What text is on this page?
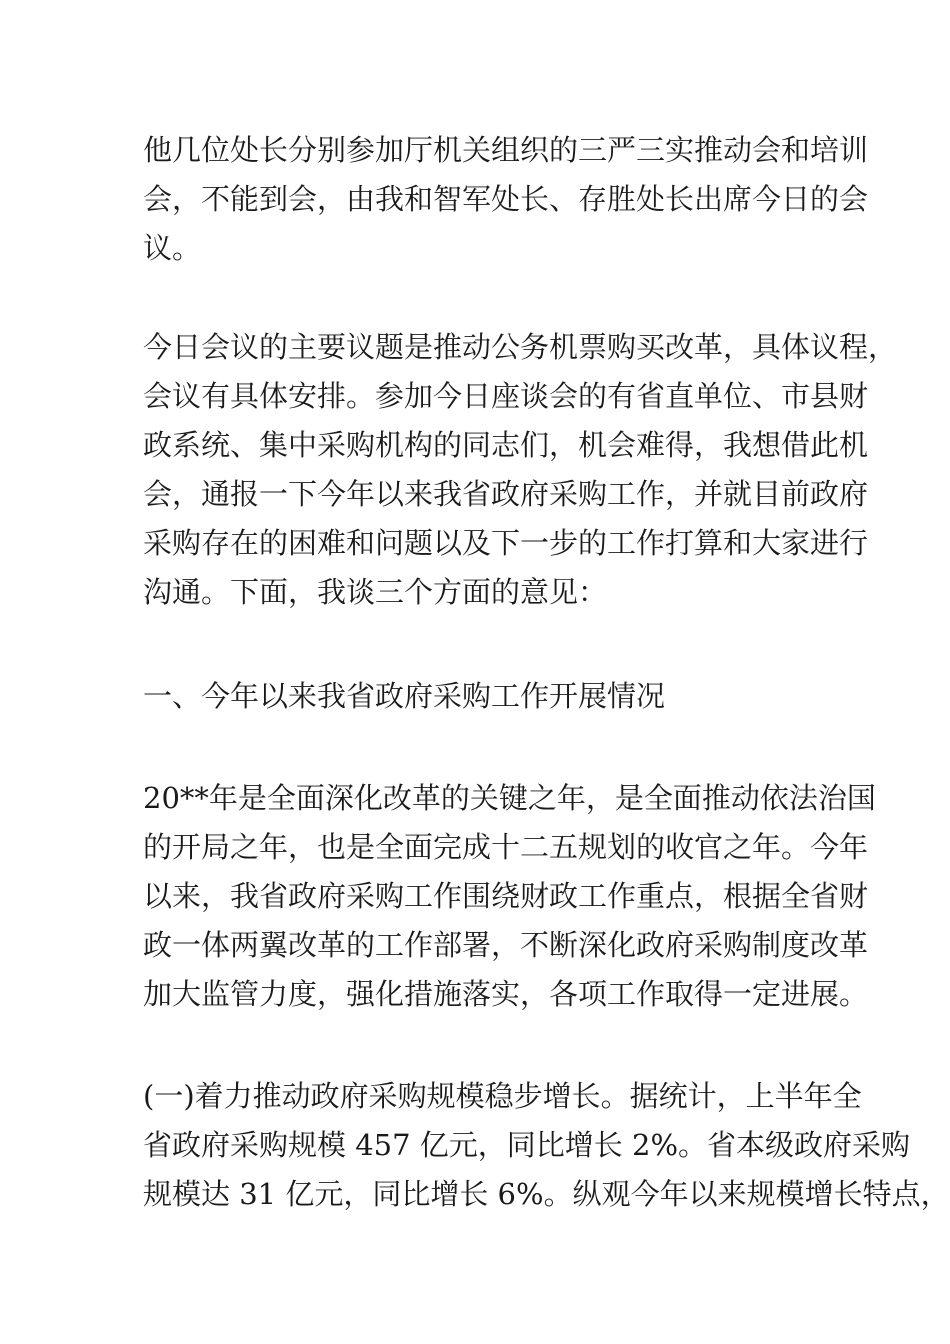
他几位处长分别参加厅机关组织的三严三实推动会和培训
会，不能到会，由我和智军处长、存胜处长出席今日的会
议。
今日会议的主要议题是推动公务机票购买改革，具体议程，
会议有具体安排。参加今日座谈会的有省直单位、市县财
政系统、集中采购机构的同志们，机会难得，我想借此机
会，通报一下今年以来我省政府采购工作，并就目前政府
采购存在的困难和问题以及下一步的工作打算和大家进行
沟通。下面，我谈三个方面的意见：
一、今年以来我省政府采购工作开展情况
20**年是全面深化改革的关键之年，是全面推动依法治国
的开局之年，也是全面完成十二五规划的收官之年。今年
以来，我省政府采购工作围绕财政工作重点，根据全省财
政一体两翼改革的工作部署，不断深化政府采购制度改革
加大监管力度，强化措施落实，各项工作取得一定进展。
(一)着力推动政府采购规模稳步增长。据统计，上半年全
省政府采购规模 457 亿元，同比增长 2%。省本级政府采购
规模达 31 亿元，同比增长 6%。纵观今年以来规模增长特点，
